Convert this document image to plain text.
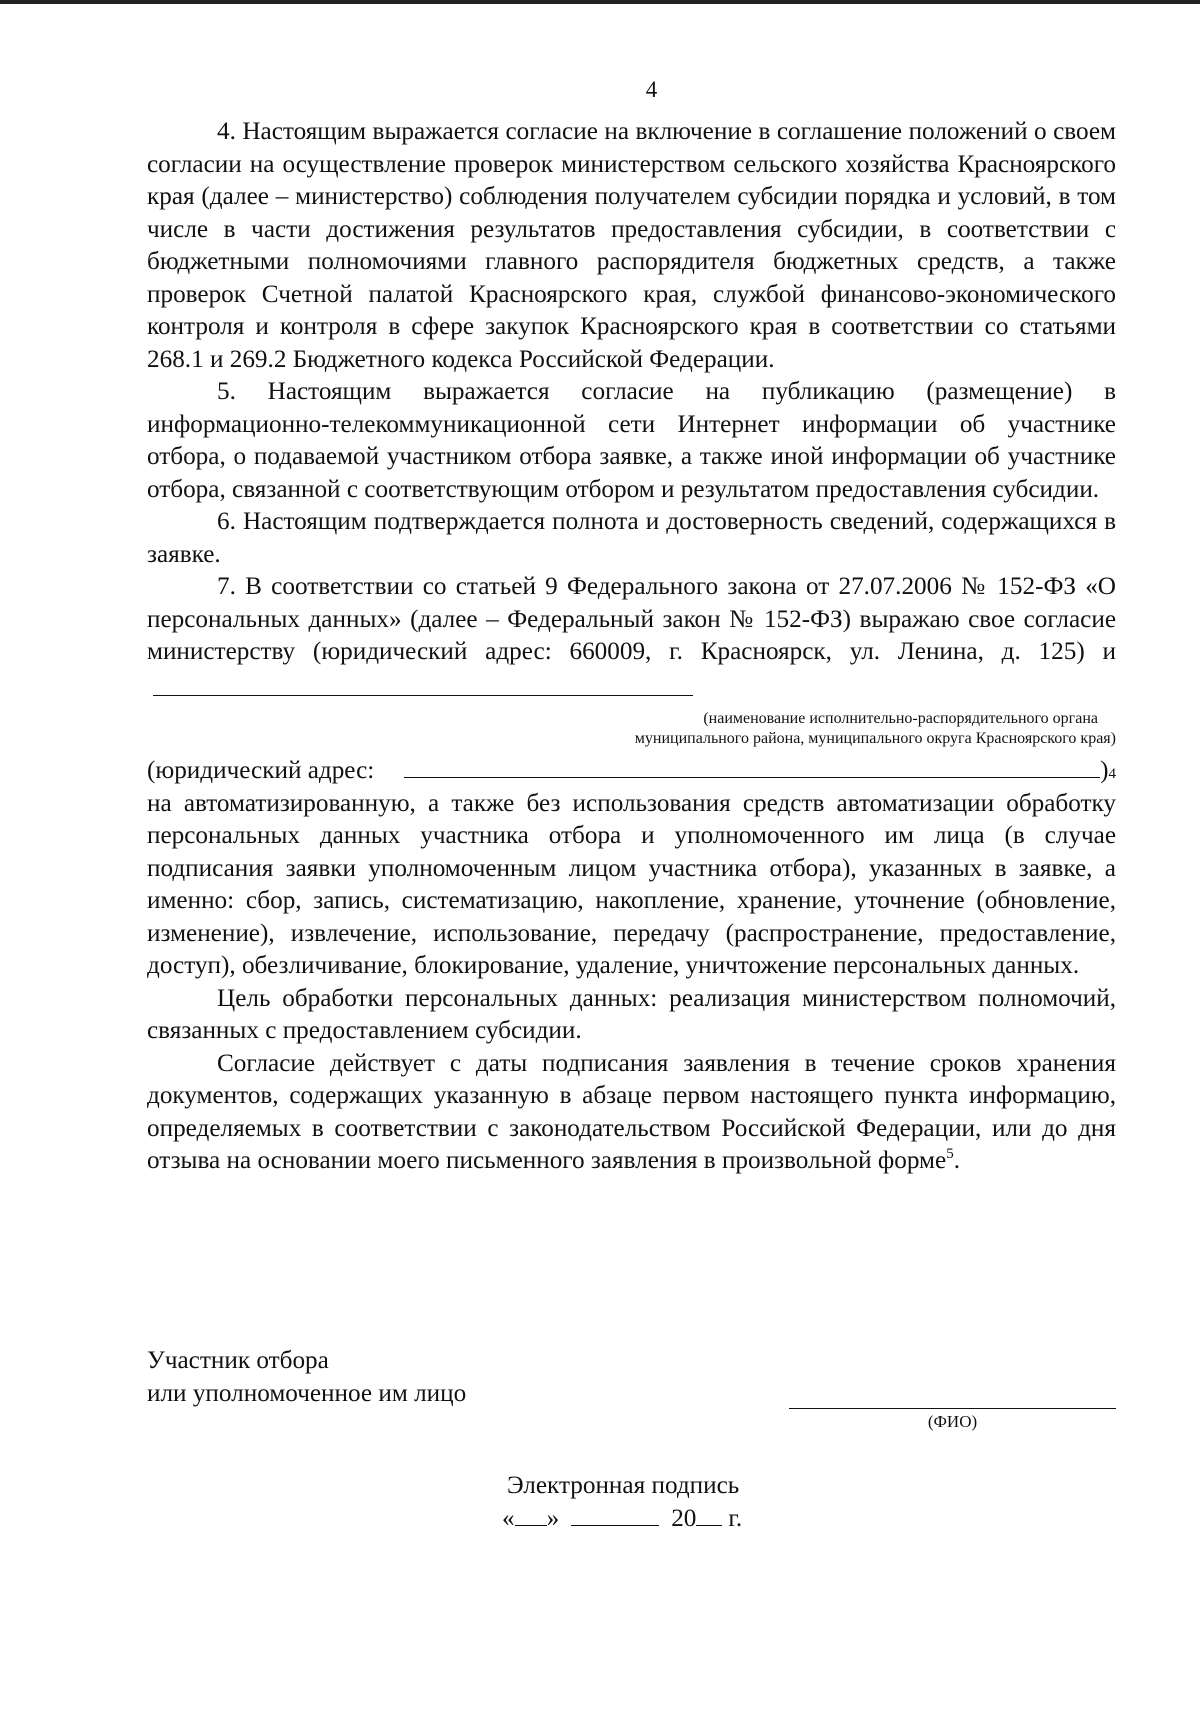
4

4. Настоящим выражается согласие на включение в соглашение положений о своем согласии на осуществление проверок министерством сельского хозяйства Красноярского края (далее – министерство) соблюдения получателем субсидии порядка и условий, в том числе в части достижения результатов предоставления субсидии, в соответствии с бюджетными полномочиями главного распорядителя бюджетных средств, а также проверок Счетной палатой Красноярского края, службой финансово-экономического контроля и контроля в сфере закупок Красноярского края в соответствии со статьями 268.1 и 269.2 Бюджетного кодекса Российской Федерации.

5. Настоящим выражается согласие на публикацию (размещение) в информационно-телекоммуникационной сети Интернет информации об участнике отбора, о подаваемой участником отбора заявке, а также иной информации об участнике отбора, связанной с соответствующим отбором и результатом предоставления субсидии.

6. Настоящим подтверждается полнота и достоверность сведений, содержащихся в заявке.

7. В соответствии со статьей 9 Федерального закона от 27.07.2006 № 152-ФЗ «О персональных данных» (далее – Федеральный закон № 152-ФЗ) выражаю свое согласие министерству (юридический адрес: 660009, г. Красноярск, ул. Ленина, д. 125) и

(наименование исполнительно-распорядительного органа
муниципального района, муниципального округа Красноярского края)
(юридический адрес:	) 4

на автоматизированную, а также без использования средств автоматизации обработку персональных данных участника отбора и уполномоченного им лица (в случае подписания заявки уполномоченным лицом участника отбора), указанных в заявке, а именно: сбор, запись, систематизацию, накопление, хранение, уточнение (обновление, изменение), извлечение, использование, передачу (распространение, предоставление, доступ), обезличивание, блокирование, удаление, уничтожение персональных данных.

Цель обработки персональных данных: реализация министерством полномочий, связанных с предоставлением субсидии.

Согласие действует с даты подписания заявления в течение сроков хранения документов, содержащих указанную в абзаце первом настоящего пункта информацию, определяемых в соответствии с законодательством Российской Федерации, или до дня отзыва на основании моего письменного заявления в произвольной форме$^5$.

Участник отбора
или уполномоченное им лицо
(ФИО)
Электронная подпись
« »	20 г.
